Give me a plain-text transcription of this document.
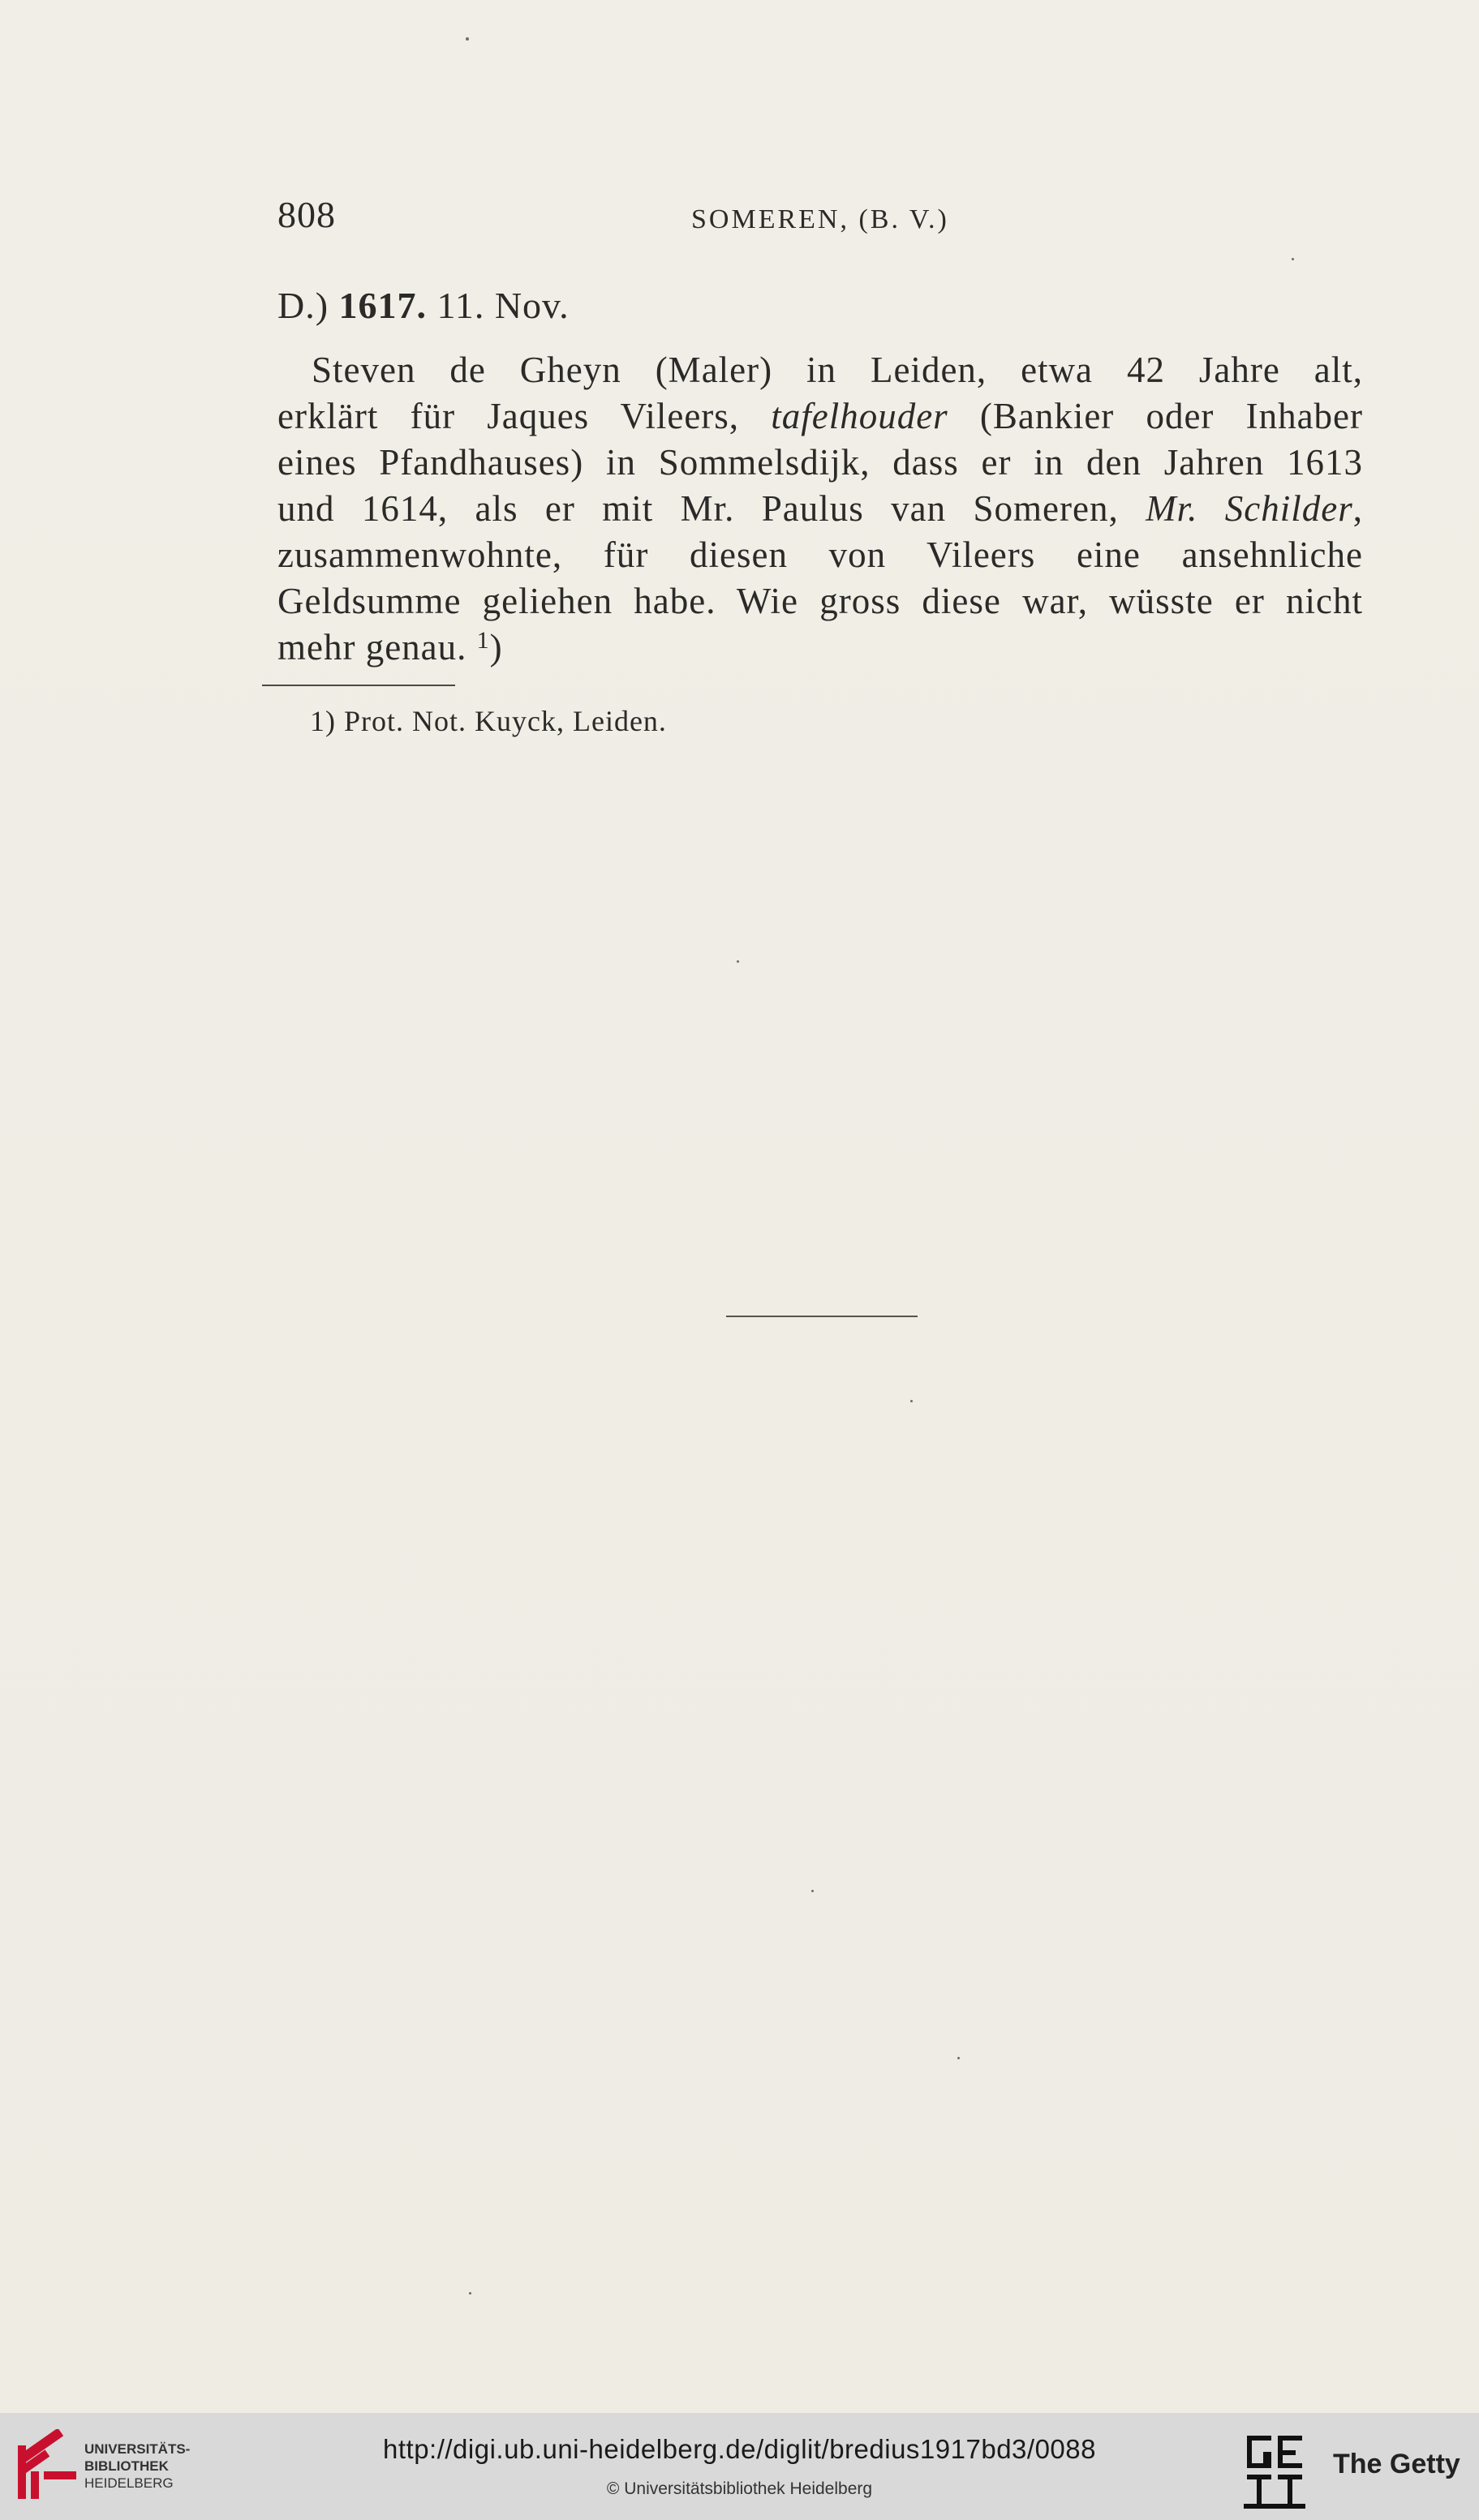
808	SOMEREN, (B. V.)
D.) 1617. 11. Nov.
Steven de Gheyn (Maler) in Leiden, etwa 42 Jahre alt,
erklärt für Jaques Vileers, tafelhouder (Bankier oder Inhaber
eines Pfandhauses) in Sommelsdijk, dass er in den Jahren 1613
und 1614, als er mit Mr. Paulus van Someren, Mr. Schilder,
zusammenwohnte, für diesen von Vileers eine ansehnliche
Geldsumme geliehen habe. Wie gross diese war, wüsste er nicht
mehr genau. $^1$)
1) Prot. Not. Kuyck, Leiden.
UNIVERSITÄTS-
BIBLIOTHEK
HEIDELBERG
http://digi.ub.uni-heidelberg.de/diglit/bredius1917bd3/0088
© Universitätsbibliothek Heidelberg
The Getty
